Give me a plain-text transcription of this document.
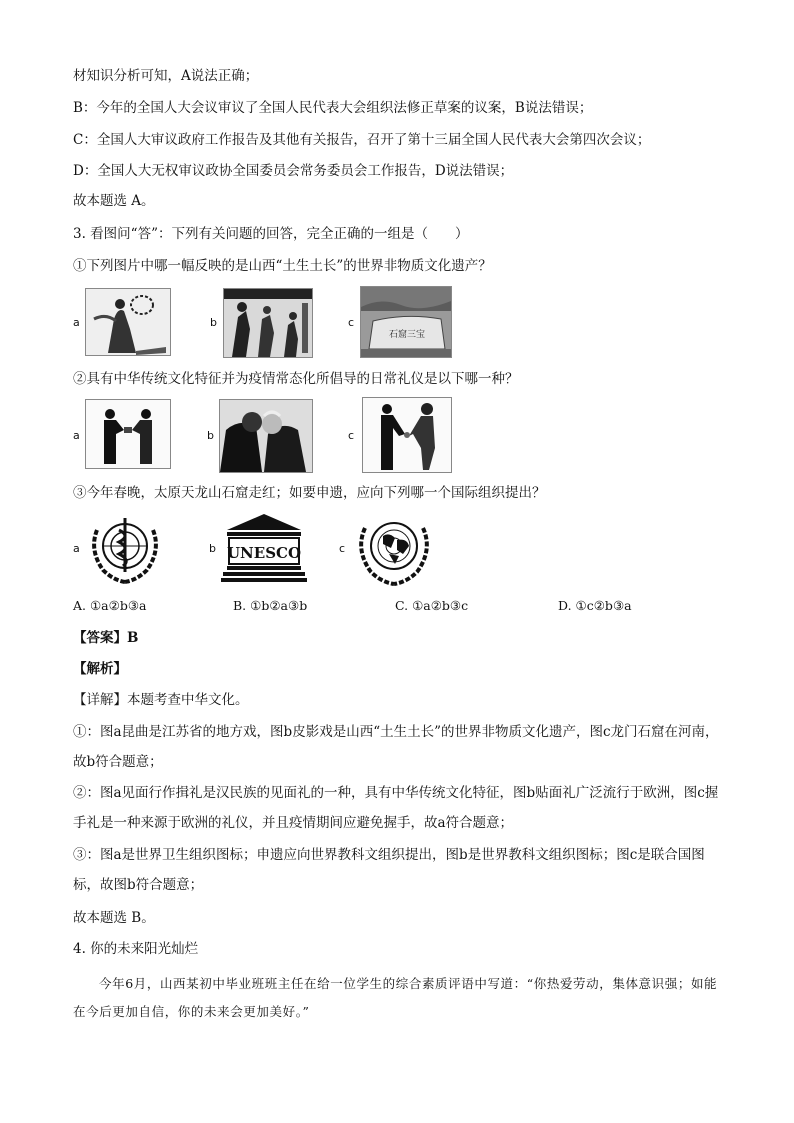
材知识分析可知，A说法正确；
B：今年的全国人大会议审议了全国人民代表大会组织法修正草案的议案，B说法错误；
C：全国人大审议政府工作报告及其他有关报告，召开了第十三届全国人民代表大会第四次会议；
D：全国人大无权审议政协全国委员会常务委员会工作报告，D说法错误；
故本题选 A。
3. 看图问“答”：下列有关问题的回答，完全正确的一组是（　　）
①下列图片中哪一幅反映的是山西“土生土长”的世界非物质文化遗产？
a	b	c
石窟三宝
②具有中华传统文化特征并为疫情常态化所倡导的日常礼仪是以下哪一种？
a	b	c
③今年春晚，太原天龙山石窟走红；如要申遗，应向下列哪一个国际组织提出？
a	b UNESCO	c
A. ①a②b③a	B. ①b②a③b	C. ①a②b③c	D. ①c②b③a
【答案】B
【解析】
【详解】本题考查中华文化。
①：图a昆曲是江苏省的地方戏，图b皮影戏是山西“土生土长”的世界非物质文化遗产，图c龙门石窟在河南，故b符合题意；
②：图a见面行作揖礼是汉民族的见面礼的一种，具有中华传统文化特征，图b贴面礼广泛流行于欧洲，图c握手礼是一种来源于欧洲的礼仪，并且疫情期间应避免握手，故a符合题意；
③：图a是世界卫生组织图标；申遗应向世界教科文组织提出，图b是世界教科文组织图标；图c是联合国图标，故图b符合题意；
故本题选 B。
4. 你的未来阳光灿烂
今年6月，山西某初中毕业班班主任在给一位学生的综合素质评语中写道：“你热爱劳动，集体意识强；如能在今后更加自信，你的未来会更加美好。”
